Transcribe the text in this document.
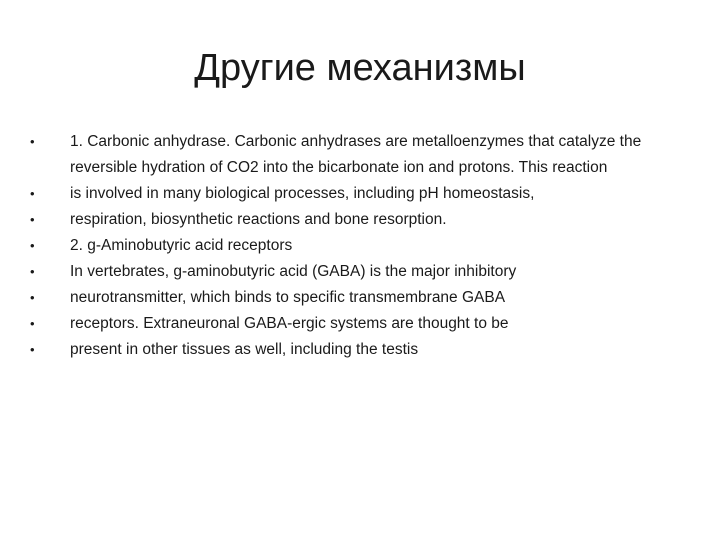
Другие механизмы
•	1. Carbonic anhydrase. Carbonic anhydrases are metalloenzymes that catalyze the
reversible hydration of CO2 into the bicarbonate ion and protons. This reaction
•	is involved in many biological processes, including pH homeostasis,
•	respiration, biosynthetic reactions and bone resorption.
•	2. g-Aminobutyric acid receptors
•	In vertebrates, g-aminobutyric acid (GABA) is the major inhibitory
•	neurotransmitter, which binds to specific transmembrane GABA
•	receptors. Extraneuronal GABA-ergic systems are thought to be
•	present in other tissues as well, including the testis
